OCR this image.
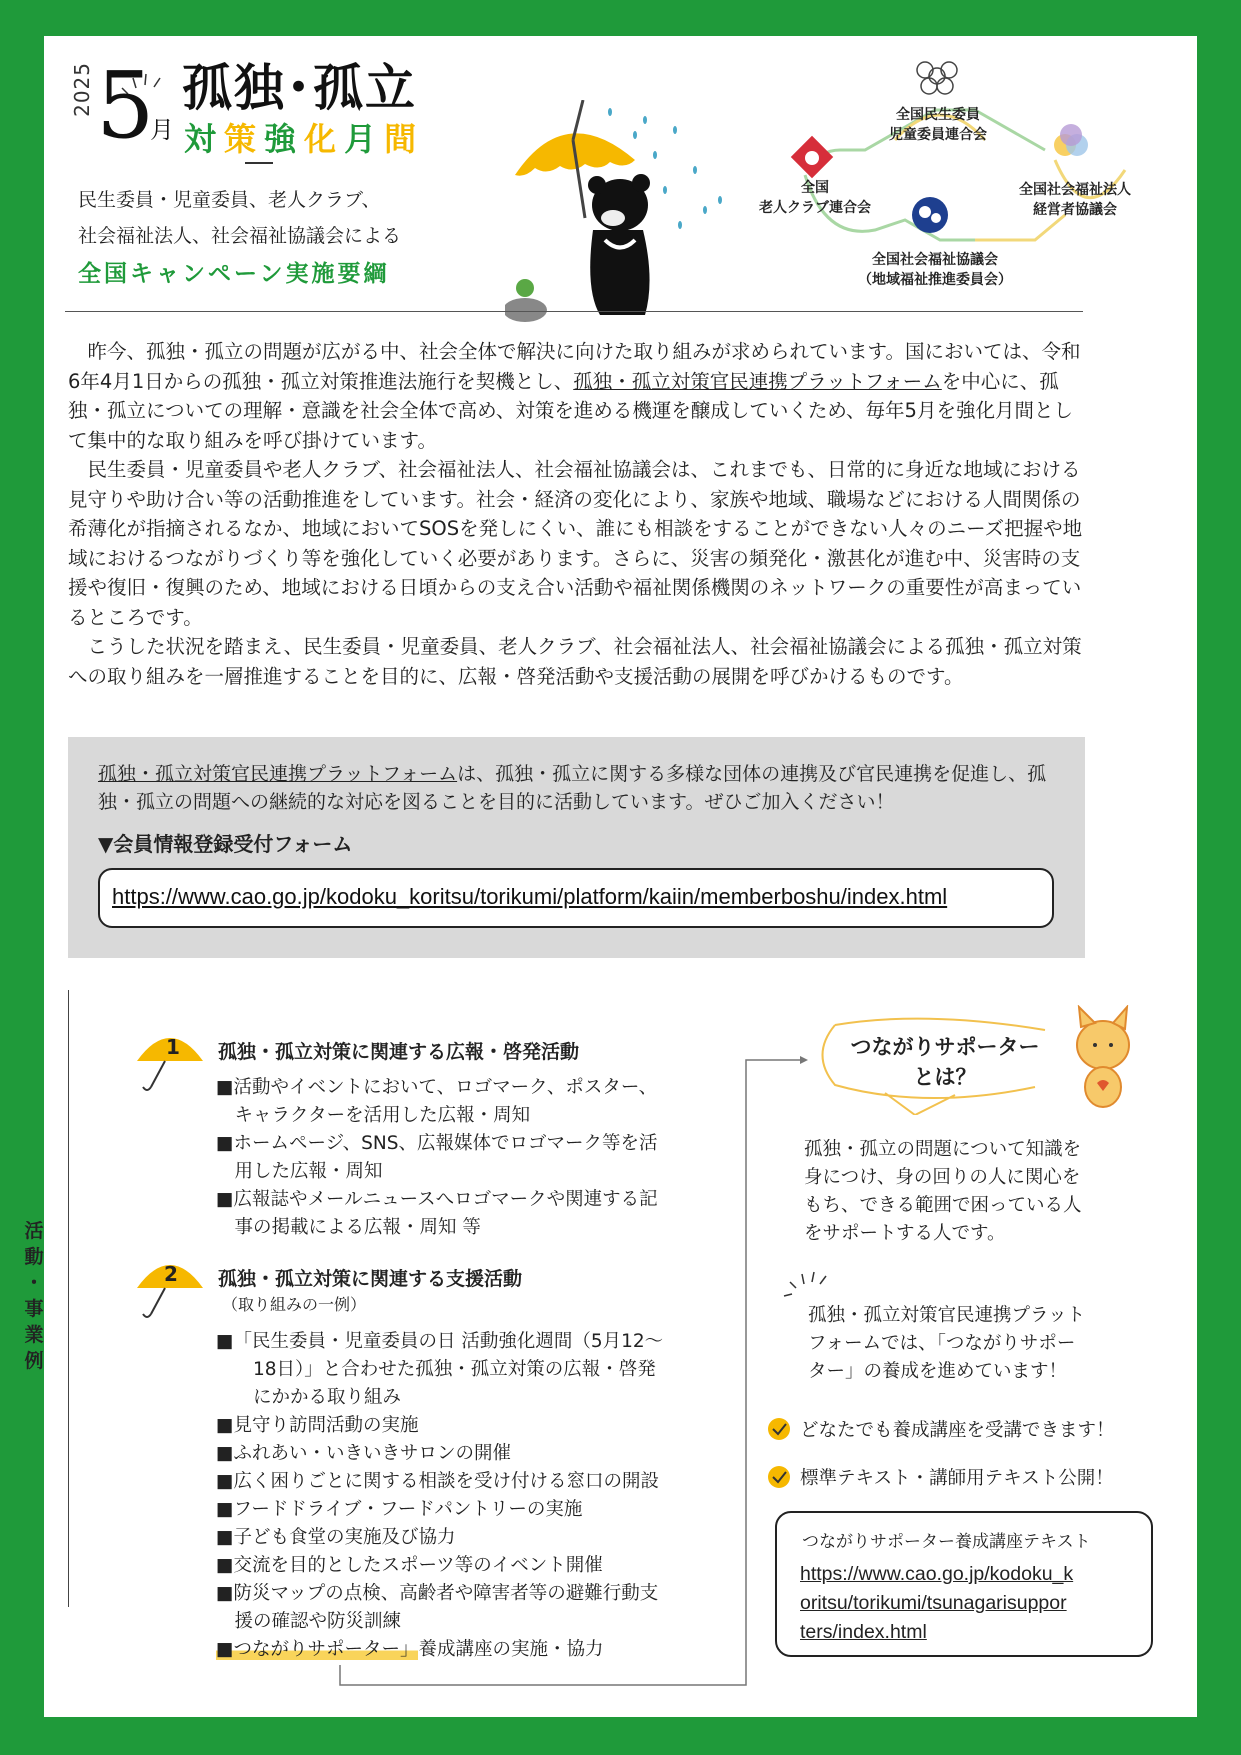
2025 5
月
孤独･孤立
対策強化月間
民生委員・児童委員、老人クラブ、
社会福祉法人、社会福祉協議会による
全国キャンペーン実施要綱
全国民生委員
児童委員連合会
全国
老人クラブ連合会
全国社会福祉法人
経営者協議会
全国社会福祉協議会
（地域福祉推進委員会）

昨今、孤独・孤立の問題が広がる中、社会全体で解決に向けた取り組みが求められています。国においては、令和6年4月1日からの孤独・孤立対策推進法施行を契機とし、孤独・孤立対策官民連携プラットフォームを中心に、孤独・孤立についての理解・意識を社会全体で高め、対策を進める機運を醸成していくため、毎年5月を強化月間として集中的な取り組みを呼び掛けています。

民生委員・児童委員や老人クラブ、社会福祉法人、社会福祉協議会は、これまでも、日常的に身近な地域における見守りや助け合い等の活動推進をしています。社会・経済の変化により、家族や地域、職場などにおける人間関係の希薄化が指摘されるなか、地域においてSOSを発しにくい、誰にも相談をすることができない人々のニーズ把握や地域におけるつながりづくり等を強化していく必要があります。さらに、災害の頻発化・激甚化が進む中、災害時の支援や復旧・復興のため、地域における日頃からの支え合い活動や福祉関係機関のネットワークの重要性が高まっているところです。

こうした状況を踏まえ、民生委員・児童委員、老人クラブ、社会福祉法人、社会福祉協議会による孤独・孤立対策への取り組みを一層推進することを目的に、広報・啓発活動や支援活動の展開を呼びかけるものです。

孤独・孤立対策官民連携プラットフォームは、孤独・孤立に関する多様な団体の連携及び官民連携を促進し、孤独・孤立の問題への継続的な対応を図ることを目的に活動しています。ぜひご加入ください！
▼会員情報登録受付フォーム
https://www.cao.go.jp/kodoku_koritsu/torikumi/platform/kaiin/memberboshu/index.html
活
動
・
事
業
例
1 孤独・孤立対策に関連する広報・啓発活動
■活動やイベントにおいて、ロゴマーク、ポスター、
　キャラクターを活用した広報・周知
■ホームページ、SNS、広報媒体でロゴマーク等を活
　用した広報・周知
■広報誌やメールニュースへロゴマークや関連する記
　事の掲載による広報・周知 等
2 孤独・孤立対策に関連する支援活動
（取り組みの一例）
■「民生委員・児童委員の日 活動強化週間（5月12～
　　18日）」と合わせた孤独・孤立対策の広報・啓発
　　にかかる取り組み
■見守り訪問活動の実施
■ふれあい・いきいきサロンの開催
■広く困りごとに関する相談を受け付ける窓口の開設
■フードドライブ・フードパントリーの実施
■子ども食堂の実施及び協力
■交流を目的としたスポーツ等のイベント開催
■防災マップの点検、高齢者や障害者等の避難行動支
　援の確認や防災訓練
■つながりサポーター」養成講座の実施・協力
つながりサポーター
とは？
孤独・孤立の問題について知識を
身につけ、身の回りの人に関心を
もち、できる範囲で困っている人
をサポートする人です。
孤独・孤立対策官民連携プラット
フォームでは、「つながりサポー
ター」の養成を進めています！
どなたでも養成講座を受講できます！
標準テキスト・講師用テキスト公開！
つながりサポーター養成講座テキスト
https://www.cao.go.jp/kodoku_k
oritsu/torikumi/tsunagarisuppor
ters/index.html
